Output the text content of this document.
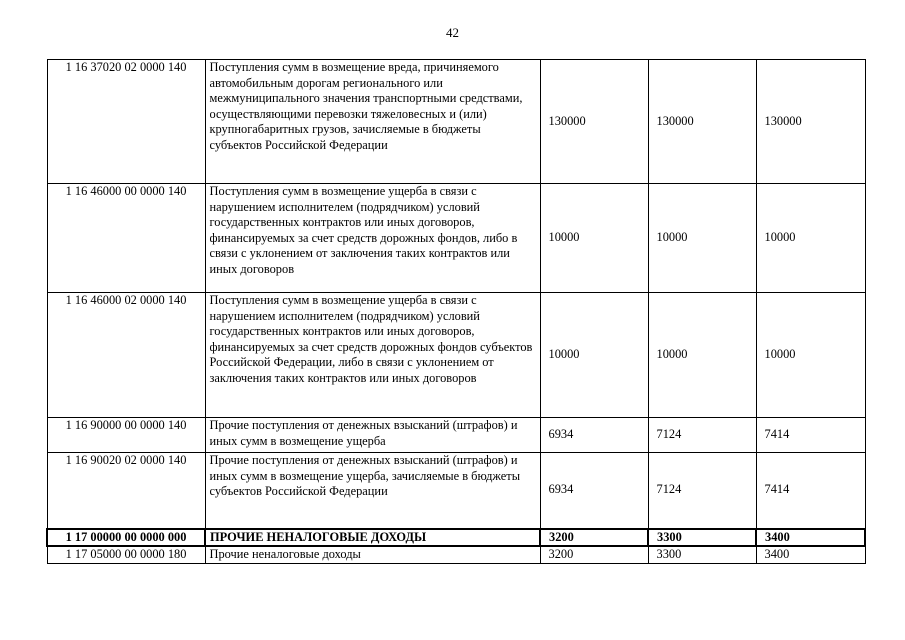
42
1 16 37020 02 0000 140	Поступления сумм в возмещение вреда, причиняемого автомобильным дорогам регионального или межмуниципального значения транспортными средствами, осуществляющими перевозки тяжеловесных и (или) крупногабаритных грузов, зачисляемые в бюджеты субъектов Российской Федерации	130000	130000	130000
1 16 46000 00 0000 140	Поступления сумм в возмещение ущерба в связи с нарушением исполнителем (подрядчиком) условий государственных контрактов или иных договоров, финансируемых за счет средств дорожных фондов, либо в связи с уклонением от заключения таких контрактов или иных договоров	10000	10000	10000
1 16 46000 02 0000 140	Поступления сумм в возмещение ущерба в связи с нарушением исполнителем (подрядчиком) условий государственных контрактов или иных договоров, финансируемых за счет средств дорожных фондов субъектов Российской Федерации, либо в связи с уклонением от заключения таких контрактов или иных договоров	10000	10000	10000
1 16 90000 00 0000 140	Прочие поступления от денежных взысканий (штрафов) и иных сумм в возмещение ущерба	6934	7124	7414
1 16 90020 02 0000 140	Прочие поступления от денежных взысканий (штрафов) и иных сумм в возмещение ущерба, зачисляемые в бюджеты субъектов Российской Федерации	6934	7124	7414
1 17 00000 00 0000 000	ПРОЧИЕ НЕНАЛОГОВЫЕ ДОХОДЫ	3200	3300	3400
1 17 05000 00 0000 180	Прочие неналоговые доходы	3200	3300	3400
